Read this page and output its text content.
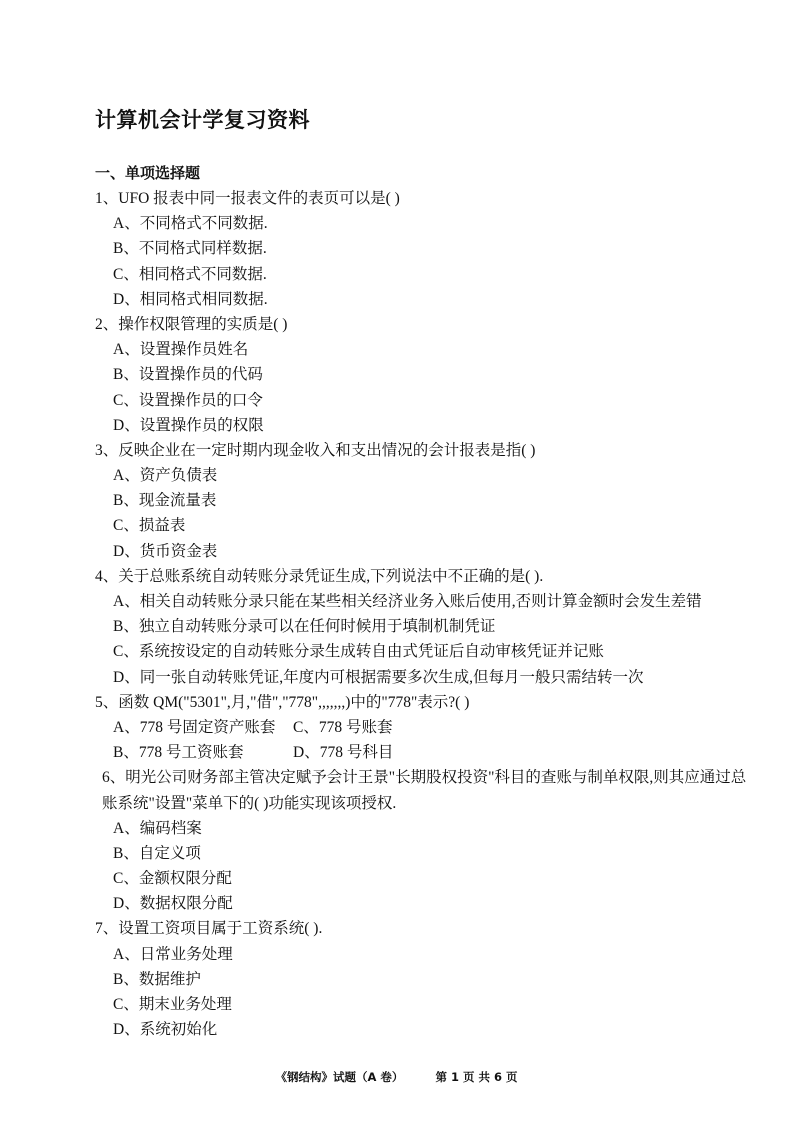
计算机会计学复习资料
一、单项选择题
1、UFO 报表中同一报表文件的表页可以是( )
A、不同格式不同数据.
B、不同格式同样数据.
C、相同格式不同数据.
D、相同格式相同数据.
2、操作权限管理的实质是( )
A、设置操作员姓名
B、设置操作员的代码
C、设置操作员的口令
D、设置操作员的权限
3、反映企业在一定时期内现金收入和支出情况的会计报表是指( )
A、资产负债表
B、现金流量表
C、损益表
D、货币资金表
4、关于总账系统自动转账分录凭证生成,下列说法中不正确的是( ).
A、相关自动转账分录只能在某些相关经济业务入账后使用,否则计算金额时会发生差错
B、独立自动转账分录可以在任何时候用于填制机制凭证
C、系统按设定的自动转账分录生成转自由式凭证后自动审核凭证并记账
D、同一张自动转账凭证,年度内可根据需要多次生成,但每月一般只需结转一次
5、函数 QM("5301",月,"借","778",,,,,,,)中的"778"表示?( )
A、778 号固定资产账套	C、778 号账套
B、778 号工资账套	D、778 号科目
6、明光公司财务部主管决定赋予会计王景"长期股权投资"科目的查账与制单权限,则其应通过总账系统"设置"菜单下的( )功能实现该项授权.
A、编码档案
B、自定义项
C、金额权限分配
D、数据权限分配
7、设置工资项目属于工资系统( ).
A、日常业务处理
B、数据维护
C、期末业务处理
D、系统初始化
《钢结构》试题（A 卷）	第 1 页 共 6 页
